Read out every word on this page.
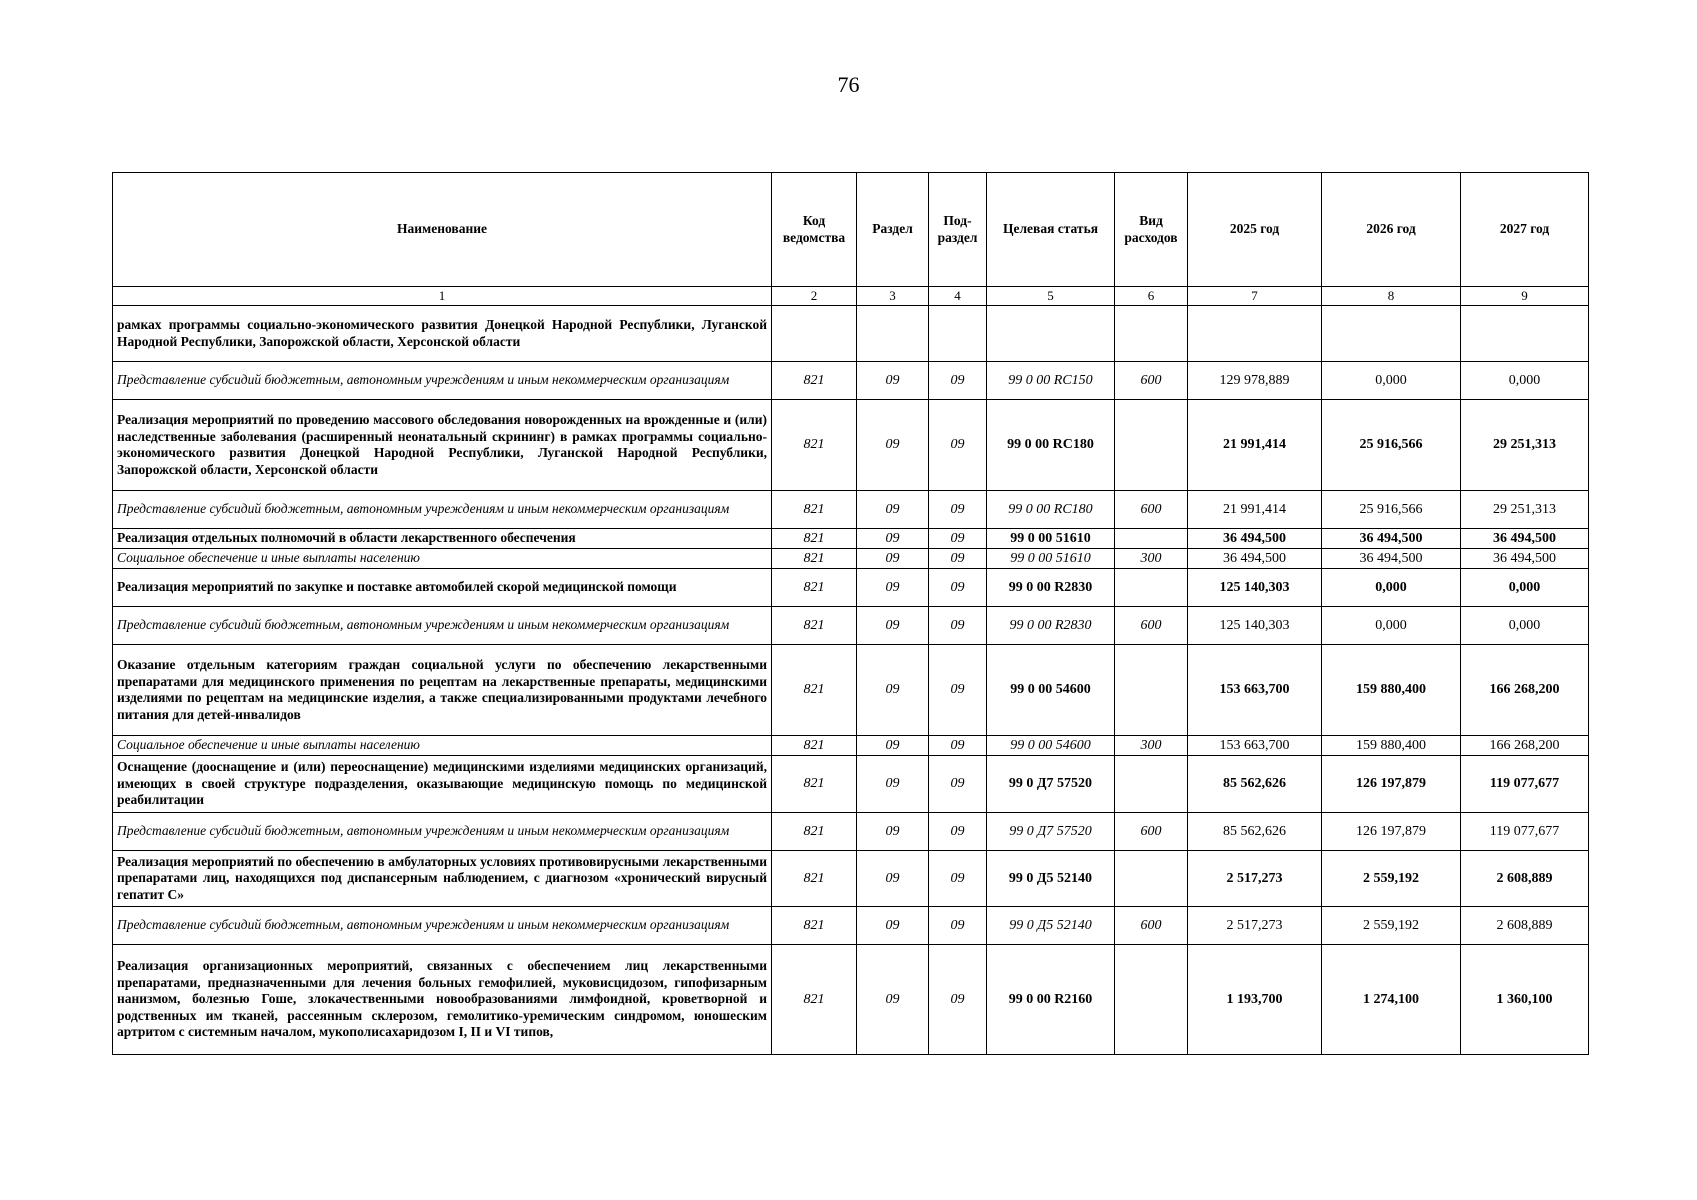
76
Наименование	Код ведомства	Раздел	Под-раздел	Целевая статья	Вид расходов	2025 год	2026 год	2027 год
1	2	3	4	5	6	7	8	9
рамках программы социально-экономического развития Донецкой Народной Республики, Луганской Народной Республики, Запорожской области, Херсонской области								
Представление субсидий бюджетным, автономным учреждениям и иным некоммерческим организациям	821	09	09	99 0 00 RC150	600	129 978,889	0,000	0,000
Реализация мероприятий по проведению массового обследования новорожденных на врожденные и (или) наследственные заболевания (расширенный неонатальный скрининг) в рамках программы социально-экономического развития Донецкой Народной Республики, Луганской Народной Республики, Запорожской области, Херсонской области	821	09	09	99 0 00 RC180		21 991,414	25 916,566	29 251,313
Представление субсидий бюджетным, автономным учреждениям и иным некоммерческим организациям	821	09	09	99 0 00 RC180	600	21 991,414	25 916,566	29 251,313
Реализация отдельных полномочий в области лекарственного обеспечения	821	09	09	99 0 00 51610		36 494,500	36 494,500	36 494,500
Социальное обеспечение и иные выплаты населению	821	09	09	99 0 00 51610	300	36 494,500	36 494,500	36 494,500
Реализация мероприятий по закупке и поставке автомобилей скорой медицинской помощи	821	09	09	99 0 00 R2830		125 140,303	0,000	0,000
Представление субсидий бюджетным, автономным учреждениям и иным некоммерческим организациям	821	09	09	99 0 00 R2830	600	125 140,303	0,000	0,000
Оказание отдельным категориям граждан социальной услуги по обеспечению лекарственными препаратами для медицинского применения по рецептам на лекарственные препараты, медицинскими изделиями по рецептам на медицинские изделия, а также специализированными продуктами лечебного питания для детей-инвалидов	821	09	09	99 0 00 54600		153 663,700	159 880,400	166 268,200
Социальное обеспечение и иные выплаты населению	821	09	09	99 0 00 54600	300	153 663,700	159 880,400	166 268,200
Оснащение (дооснащение и (или) переоснащение) медицинскими изделиями медицинских организаций, имеющих в своей структуре подразделения, оказывающие медицинскую помощь по медицинской реабилитации	821	09	09	99 0 Д7 57520		85 562,626	126 197,879	119 077,677
Представление субсидий бюджетным, автономным учреждениям и иным некоммерческим организациям	821	09	09	99 0 Д7 57520	600	85 562,626	126 197,879	119 077,677
Реализация мероприятий по обеспечению в амбулаторных условиях противовирусными лекарственными препаратами лиц, находящихся под диспансерным наблюдением, с диагнозом «хронический вирусный гепатит С»	821	09	09	99 0 Д5 52140		2 517,273	2 559,192	2 608,889
Представление субсидий бюджетным, автономным учреждениям и иным некоммерческим организациям	821	09	09	99 0 Д5 52140	600	2 517,273	2 559,192	2 608,889
Реализация организационных мероприятий, связанных с обеспечением лиц лекарственными препаратами, предназначенными для лечения больных гемофилией, муковисцидозом, гипофизарным нанизмом, болезнью Гоше, злокачественными новообразованиями лимфоидной, кроветворной и родственных им тканей, рассеянным склерозом, гемолитико-уремическим синдромом, юношеским артритом с системным началом, мукополисахаридозом I, II и VI типов,	821	09	09	99 0 00 R2160		1 193,700	1 274,100	1 360,100
